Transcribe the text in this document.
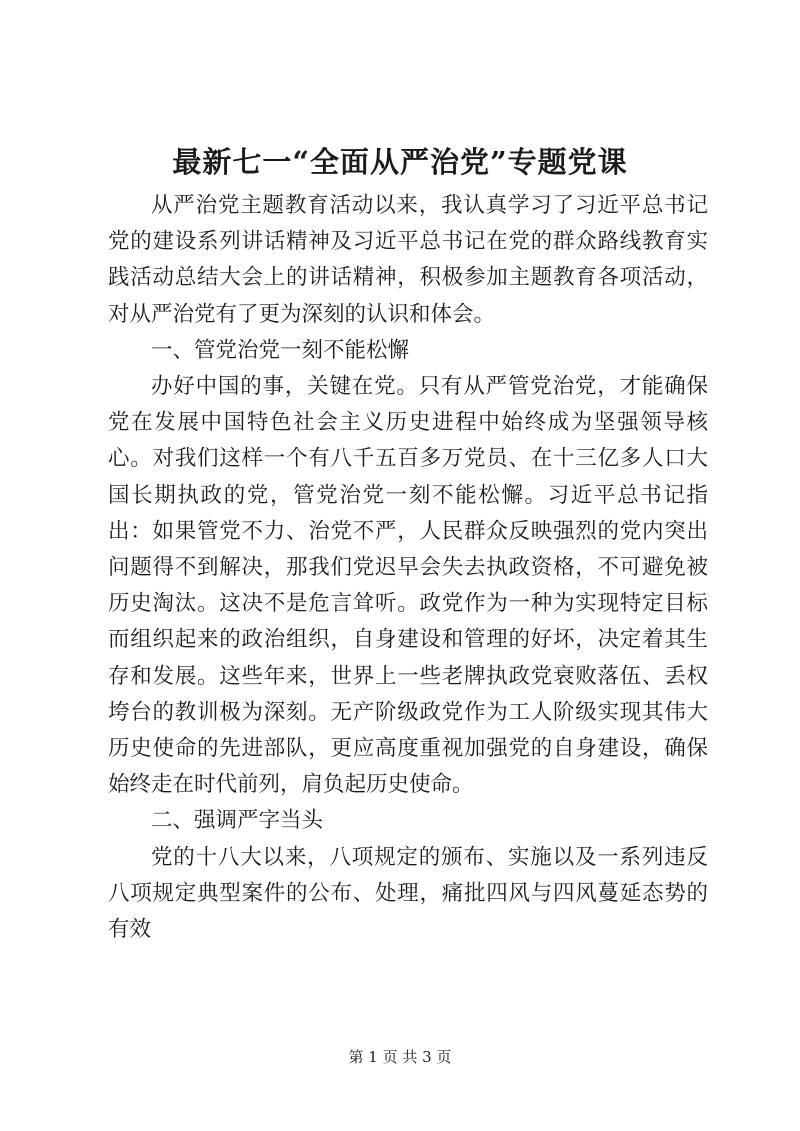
最新七一“全面从严治党”专题党课

从严治党主题教育活动以来，我认真学习了习近平总书记党的建设系列讲话精神及习近平总书记在党的群众路线教育实践活动总结大会上的讲话精神，积极参加主题教育各项活动，对从严治党有了更为深刻的认识和体会。

一、管党治党一刻不能松懈

办好中国的事，关键在党。只有从严管党治党，才能确保党在发展中国特色社会主义历史进程中始终成为坚强领导核心。对我们这样一个有八千五百多万党员、在十三亿多人口大国长期执政的党，管党治党一刻不能松懈。习近平总书记指出：如果管党不力、治党不严，人民群众反映强烈的党内突出问题得不到解决，那我们党迟早会失去执政资格，不可避免被历史淘汰。这决不是危言耸听。政党作为一种为实现特定目标而组织起来的政治组织，自身建设和管理的好坏，决定着其生存和发展。这些年来，世界上一些老牌执政党衰败落伍、丢权垮台的教训极为深刻。无产阶级政党作为工人阶级实现其伟大历史使命的先进部队，更应高度重视加强党的自身建设，确保始终走在时代前列，肩负起历史使命。

二、强调严字当头

党的十八大以来，八项规定的颁布、实施以及一系列违反八项规定典型案件的公布、处理，痛批四风与四风蔓延态势的有效

第 1 页 共 3 页
